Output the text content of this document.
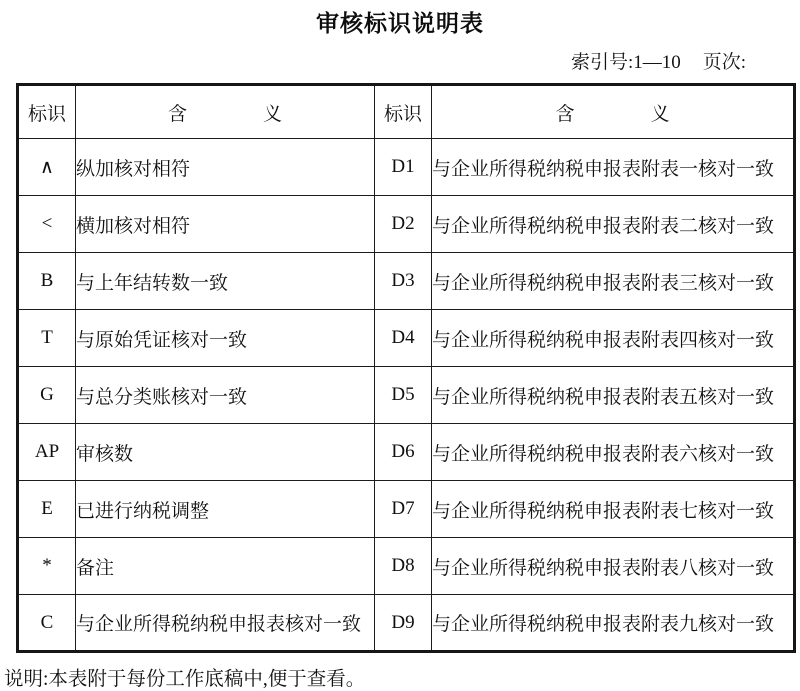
审核标识说明表
索引号:1—10 页次:
标识	含　　　　义	标识	含　　　　义
∧	纵加核对相符	D1	与企业所得税纳税申报表附表一核对一致
<	横加核对相符	D2	与企业所得税纳税申报表附表二核对一致
B	与上年结转数一致	D3	与企业所得税纳税申报表附表三核对一致
T	与原始凭证核对一致	D4	与企业所得税纳税申报表附表四核对一致
G	与总分类账核对一致	D5	与企业所得税纳税申报表附表五核对一致
AP	审核数	D6	与企业所得税纳税申报表附表六核对一致
E	已进行纳税调整	D7	与企业所得税纳税申报表附表七核对一致
*	备注	D8	与企业所得税纳税申报表附表八核对一致
C	与企业所得税纳税申报表核对一致	D9	与企业所得税纳税申报表附表九核对一致

说明:本表附于每份工作底稿中,便于查看。
